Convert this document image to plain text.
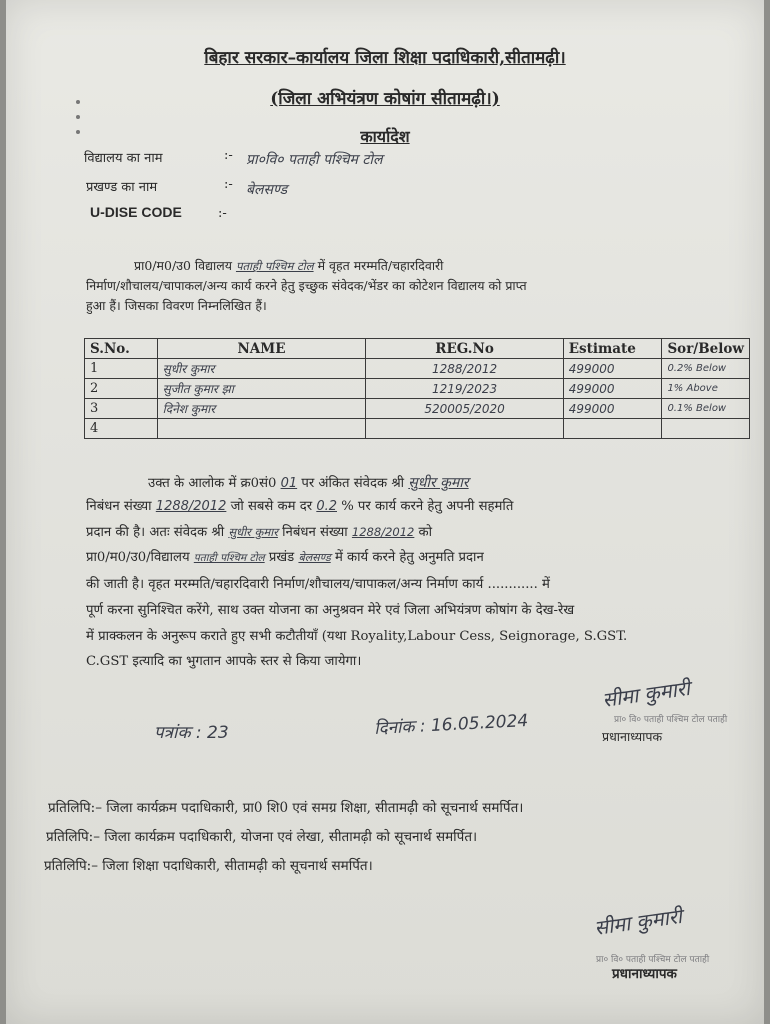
बिहार सरकार–कार्यालय जिला शिक्षा पदाधिकारी,सीतामढ़ी।
(जिला अभियंत्रण कोषांग सीतामढ़ी।)
कार्यादेश
विद्यालय का नाम	:- प्रा०वि० पताही पश्चिम टोल
प्रखण्ड का नाम	:- बेलसण्ड
U-DISE CODE	:-
प्रा0/म0/उ0 विद्यालय पताही पश्चिम टोल में वृहत मरम्मति/चहारदिवारी
निर्माण/शौचालय/चापाकल/अन्य कार्य करने हेतु इच्छुक संवेदक/भेंडर का कोटेशन विद्यालय को प्राप्त
हुआ हैं। जिसका विवरण निम्नलिखित हैं।
S.No.	NAME	REG.No	Estimate	Sor/Below
1	सुधीर कुमार	1288/2012	499000	0.2% Below
2	सुजीत कुमार झा	1219/2023	499000	1% Above
3	दिनेश कुमार	520005/2020	499000	0.1% Below
4				
उक्त के आलोक में क्र0सं0 01 पर अंकित संवेदक श्री सुधीर कुमार
निबंधन संख्या 1288/2012 जो सबसे कम दर 0.2 % पर कार्य करने हेतु अपनी सहमति
प्रदान की है। अतः संवेदक श्री सुधीर कुमार निबंधन संख्या 1288/2012 को
प्रा0/म0/उ0/विद्यालय पताही पश्चिम टोल प्रखंड बेलसण्ड में कार्य करने हेतु अनुमति प्रदान
की जाती है। वृहत मरम्मति/चहारदिवारी निर्माण/शौचालय/चापाकल/अन्य निर्माण कार्य ............ में
पूर्ण करना सुनिश्चित करेंगे, साथ उक्त योजना का अनुश्रवन मेरे एवं जिला अभियंत्रण कोषांग के देख-रेख
में प्राक्कलन के अनुरूप कराते हुए सभी कटौतीयाँ (यथा Royality,Labour Cess, Seignorage, S.GST.
C.GST इत्यादि का भुगतान आपके स्तर से किया जायेगा।
सीमा कुमारी
प्रा० वि० पताही पश्चिम टोल पताही
प्रधानाध्यापक
पत्रांक : 23	दिनांक : 16.05.2024
प्रतिलिपि:– जिला कार्यक्रम पदाधिकारी, प्रा0 शि0 एवं समग्र शिक्षा, सीतामढ़ी को सूचनार्थ समर्पित।
प्रतिलिपि:– जिला कार्यक्रम पदाधिकारी, योजना एवं लेखा, सीतामढ़ी को सूचनार्थ समर्पित।
प्रतिलिपि:– जिला शिक्षा पदाधिकारी, सीतामढ़ी को सूचनार्थ समर्पित।
सीमा कुमारी
प्रा० वि० पताही पश्चिम टोल पताही
प्रधानाध्यापक
